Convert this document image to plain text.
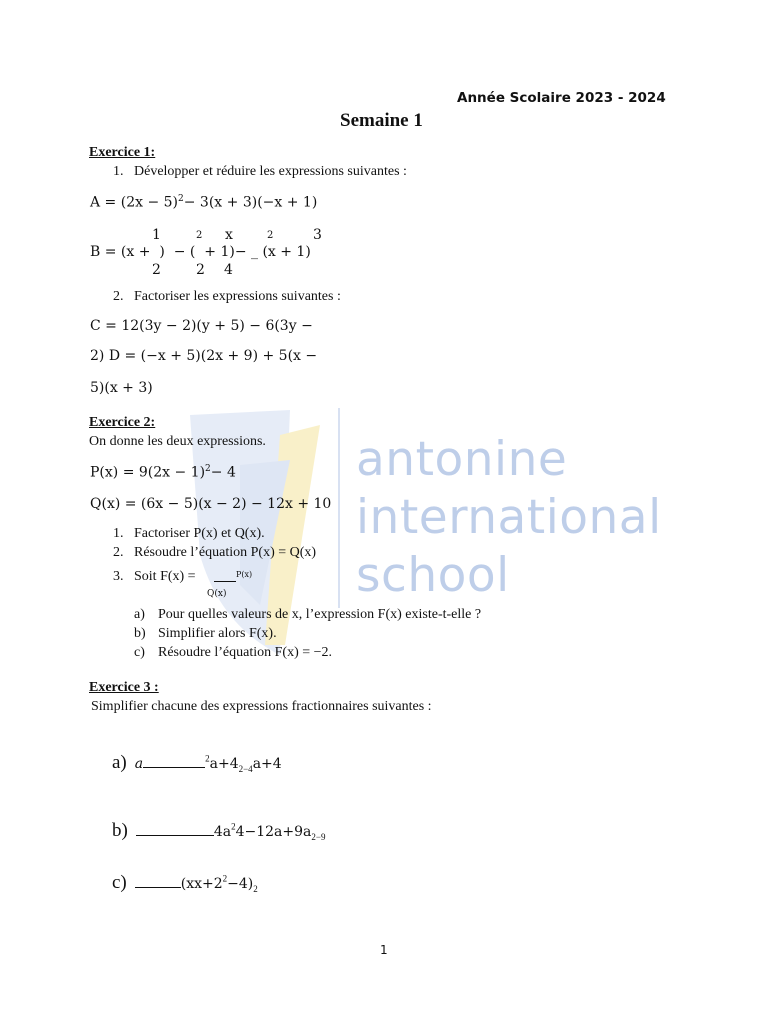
antonine
international
school
Année Scolaire 2023 - 2024
Semaine 1
Exercice 1:
1. Développer et réduire les expressions suivantes :
$A = (2x - 5)^2- 3(x + 3)(-x + 1)$
1	2 x	2	3
B = (x +  )  − (  + 1)− _ (x + 1)
2	2 4
2. Factoriser les expressions suivantes :
C = 12(3y − 2)(y + 5) − 6(3y −
2) D = (−x + 5)(2x + 9) + 5(x −
5)(x + 3)
Exercice 2:
On donne les deux expressions.
$P(x) = 9(2x - 1)^2- 4$
Q(x) = (6x − 5)(x − 2) − 12x + 10
1. Factoriser P(x) et Q(x).
2. Résoudre l’équation P(x) = Q(x)
3. Soit F(x) =	P(x)
Q(x)
a) Pour quelles valeurs de x, l’expression F(x) existe-t-elle ?
b) Simplifier alors F(x).
c) Résoudre l’équation F(x) = −2.
Exercice 3 :
Simplifier chacune des expressions fractionnaires suivantes :
a) a	$^2a+4_{2-4}a+4$
b)	$4a^24-12a+9a_{2-9}$
c)	$(xx+2^2-4)_2$
1
